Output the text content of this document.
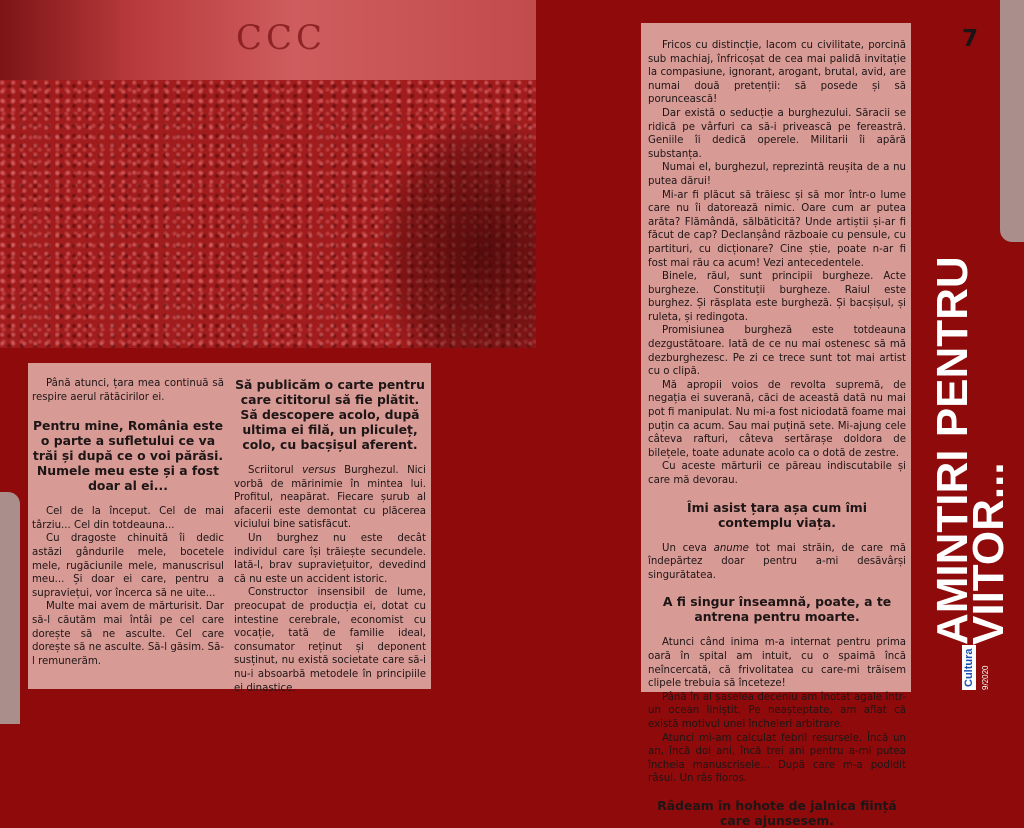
CCC	7

Până atunci, țara mea continuă să respire aerul rătăcirilor ei.

Pentru mine, România este o parte a sufletului ce va trăi și după ce o voi părăsi. Numele meu este și a fost doar al ei...

Cel de la început. Cel de mai târziu... Cel din totdeauna...

Cu dragoste chinuită îi dedic astăzi gândurile mele, bocetele mele, rugăciunile mele, manuscrisul meu... Și doar ei care, pentru a supraviețui, vor încerca să ne uite...

Multe mai avem de mărturisit. Dar să-l căutăm mai întâi pe cel care dorește să ne asculte. Cel care dorește să ne asculte. Să-l găsim. Să-l remunerăm.

Să publicăm o carte pentru care cititorul să fie plătit. Să descopere acolo, după ultima ei filă, un pliculeț, colo, cu bacșișul aferent.

Scriitorul versus Burghezul. Nici vorbă de mărinimie în mintea lui. Profitul, neapărat. Fiecare șurub al afacerii este demontat cu plăcerea viciului bine satisfăcut.

Un burghez nu este decât individul care își trăiește secundele. Iată-l, brav supraviețuitor, devedind că nu este un accident istoric.

Constructor insensibil de lume, preocupat de producția ei, dotat cu intestine cerebrale, economist cu vocație, tată de familie ideal, consumator reținut și deponent susținut, nu există societate care să-i nu-i absoarbă metodele în principiile ei dinastice.

Fricos cu distincție, lacom cu civilitate, porcină sub machiaj, înfricoșat de cea mai palidă invitație la compasiune, ignorant, arogant, brutal, avid, are numai două pretenții: să posede și să poruncească!

Dar există o seducție a burghezului. Săracii se ridică pe vârfuri ca să-i privească pe fereastră. Geniile îi dedică operele. Militarii îi apără substanța.

Numai el, burghezul, reprezintă reușita de a nu putea dărui!

Mi-ar fi plăcut să trăiesc și să mor într-o lume care nu îi datorează nimic. Oare cum ar putea arăta? Flămândă, sălbăticită? Unde artiștii și-ar fi făcut de cap? Declanșând războaie cu pensule, cu partituri, cu dicționare? Cine știe, poate n-ar fi fost mai rău ca acum! Vezi antecedentele.

Binele, răul, sunt principii burgheze. Acte burgheze. Constituții burgheze. Raiul este burghez. Și răsplata este burgheză. Și bacșișul, și ruleta, și redingota.

Promisiunea burgheză este totdeauna dezgustătoare. Iată de ce nu mai ostenesc să mă dezburghezesc. Pe zi ce trece sunt tot mai artist cu o clipă.

Mă apropii voios de revolta supremă, de negația ei suverană, căci de această dată nu mai pot fi manipulat. Nu mi-a fost niciodată foame mai puțin ca acum. Sau mai puțină sete. Mi-ajung cele câteva rafturi, câteva sertărașe doldora de bilețele, toate adunate acolo ca o dotă de zestre.

Cu aceste mărturii ce păreau indiscutabile și care mă devorau.

Îmi asist țara așa cum îmi contemplu viața.

Un ceva anume tot mai străin, de care mă îndepărtez doar pentru a-mi desăvârși singurătatea.

A fi singur înseamnă, poate, a te antrena pentru moarte.

Atunci când inima m-a internat pentru prima oară în spital am intuit, cu o spaimă încă neîncercată, că frivolitatea cu care-mi trăisem clipele trebuia să înceteze!

Până în al șaselea deceniu am înotat agale într-un ocean liniștit. Pe neașteptate, am aflat că există motivul unei încheieri arbitrare.

Atunci mi-am calculat febril resursele. Încă un an, încă doi ani, încă trei ani pentru a-mi putea încheia manuscrisele... După care m-a podidit râsul. Un râs fioros.

Râdeam în hohote de jalnica ființă care ajunsesem.
AMINTIRI PENTRU
VIITOR...
Cultura 9/2020
